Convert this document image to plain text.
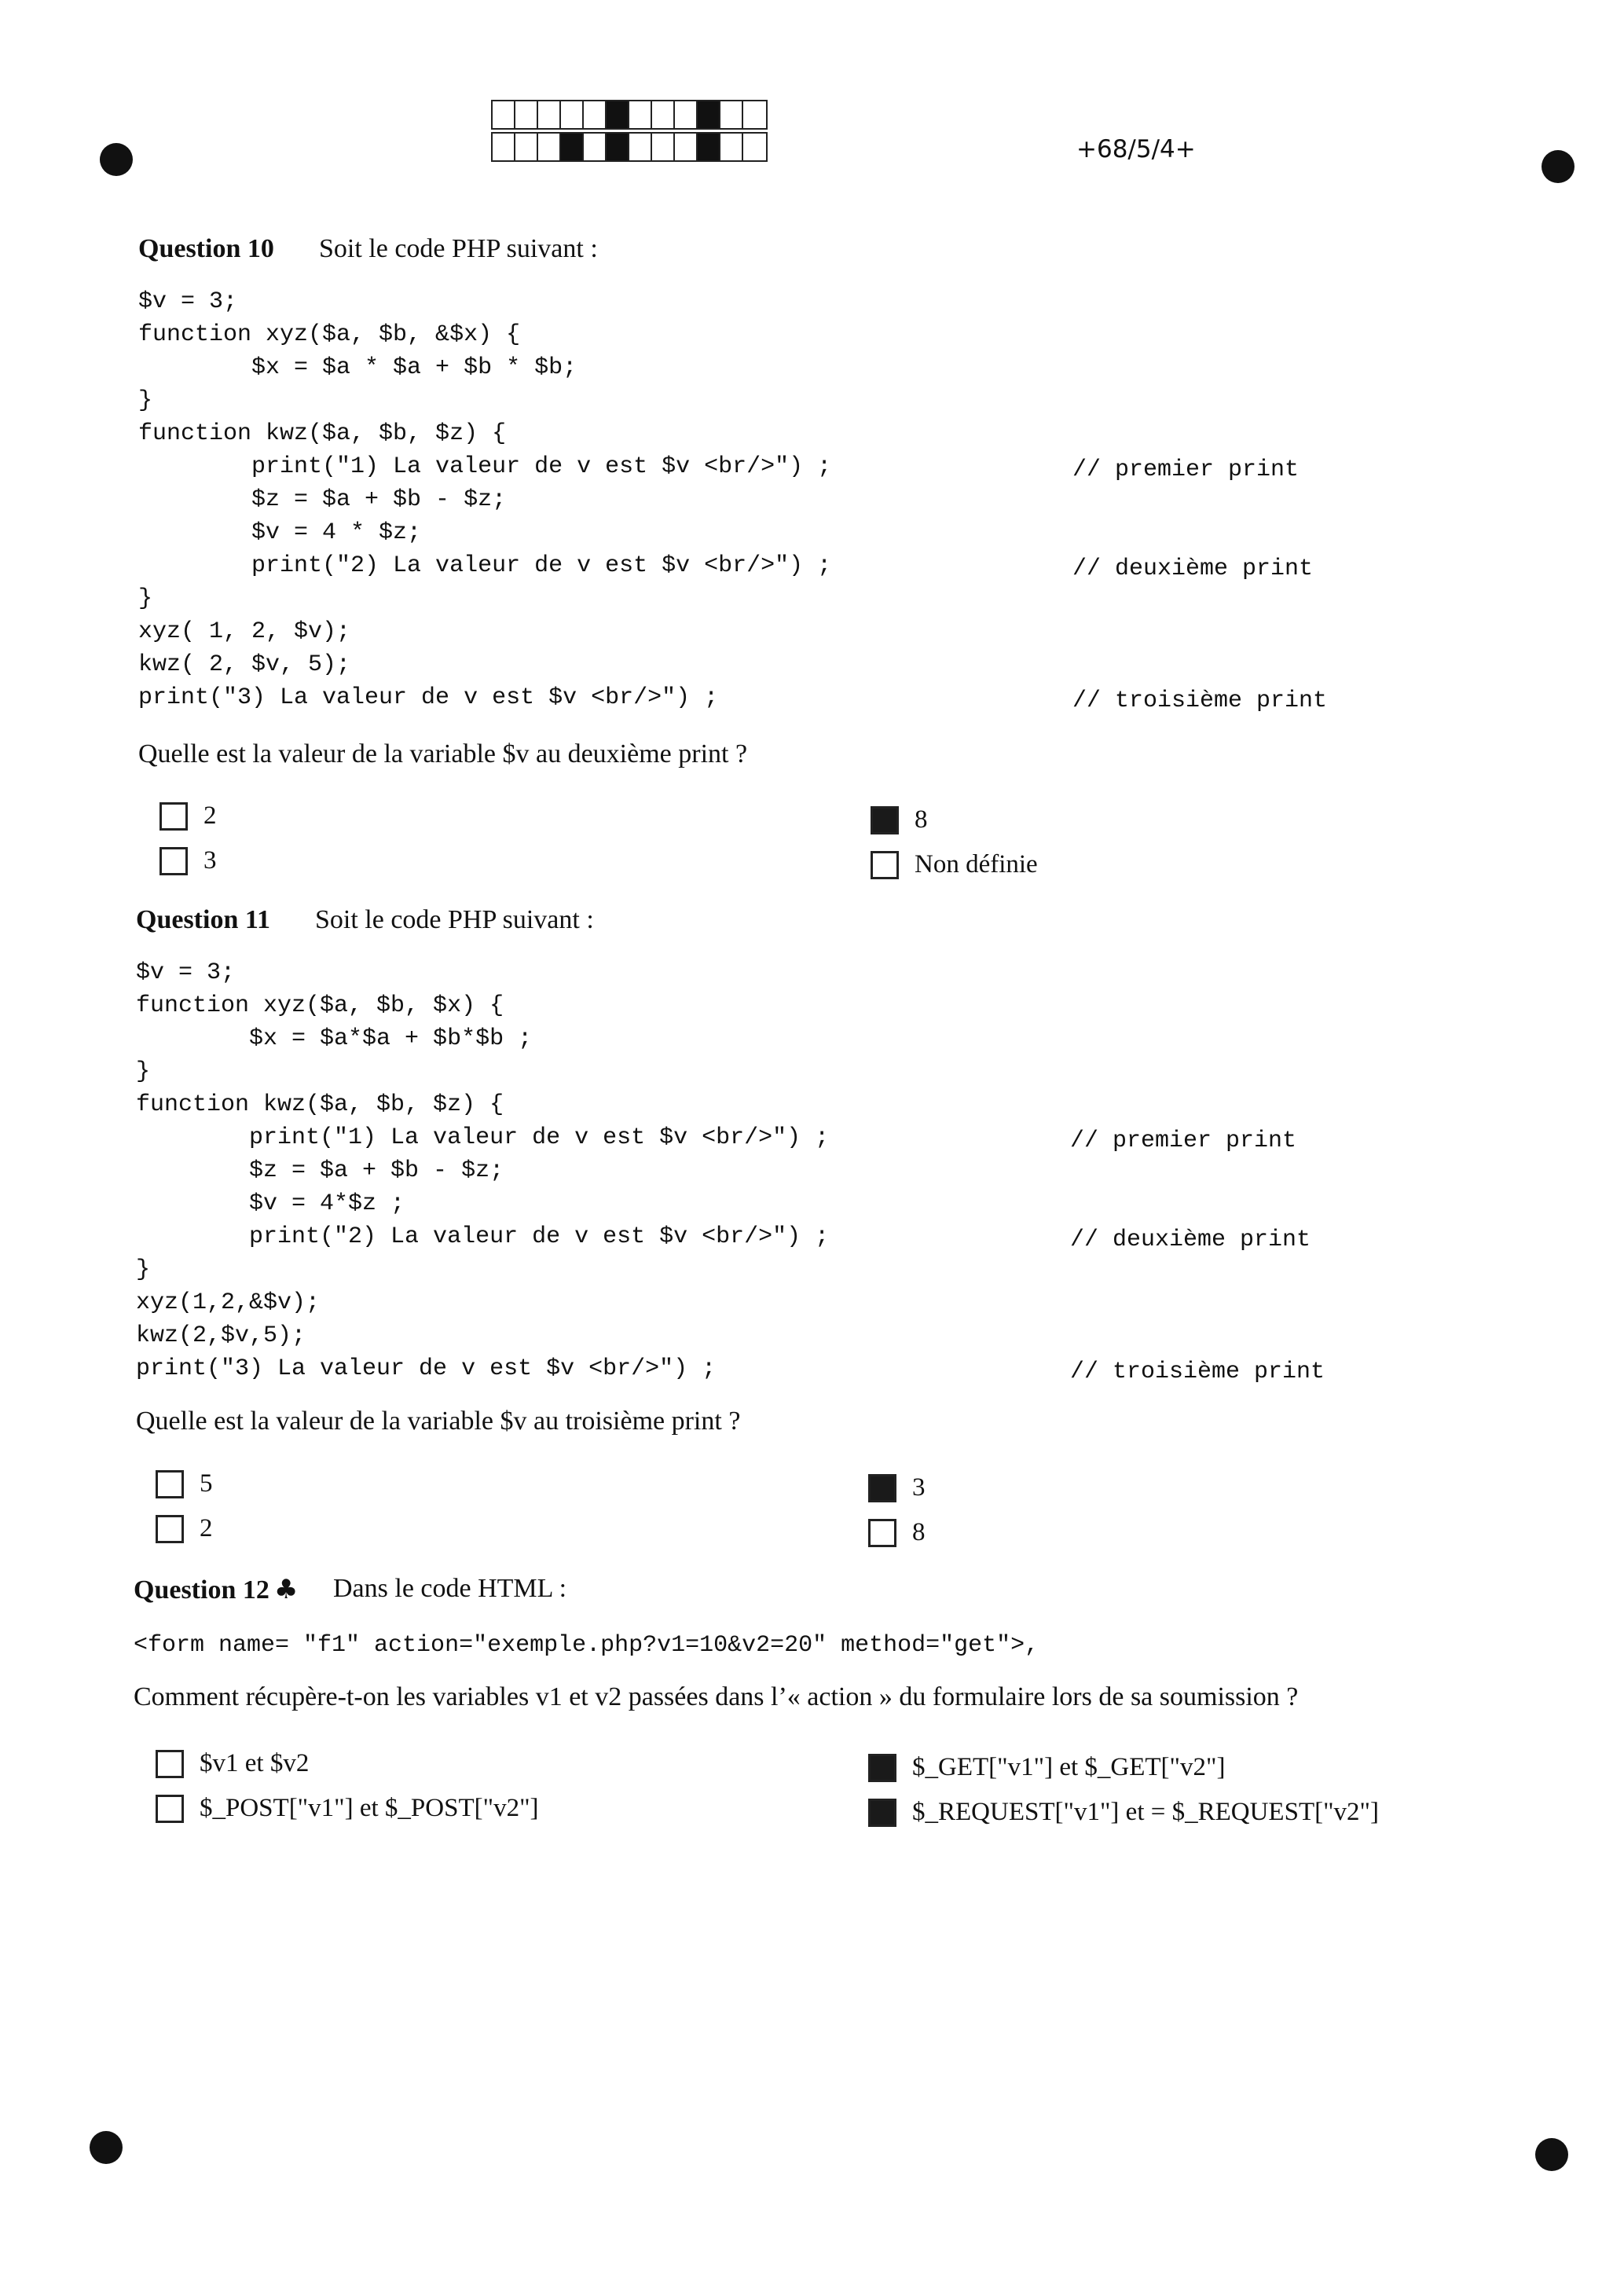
+68/5/4+
Question 10 Soit le code PHP suivant :
$v = 3;
function xyz($a, $b, &$x) {
$x = $a * $a + $b * $b;
}
function kwz($a, $b, $z) {
print("1) La valeur de v est $v <br/>") ;
$z = $a + $b - $z;
$v = 4 * $z;
print("2) La valeur de v est $v <br/>") ;
}
xyz( 1, 2, $v);
kwz( 2, $v, 5);
print("3) La valeur de v est $v <br/>") ;
// premier print
// deuxième print
// troisième print
Quelle est la valeur de la variable $v au deuxième print ?
2
3
8
Non définie
Question 11 Soit le code PHP suivant :
$v = 3;
function xyz($a, $b, $x) {
$x = $a*$a + $b*$b ;
}
function kwz($a, $b, $z) {
print("1) La valeur de v est $v <br/>") ;
$z = $a + $b - $z;
$v = 4*$z ;
print("2) La valeur de v est $v <br/>") ;
}
xyz(1,2,&$v);
kwz(2,$v,5);
print("3) La valeur de v est $v <br/>") ;
// premier print
// deuxième print
// troisième print
Quelle est la valeur de la variable $v au troisième print ?
5
2
3
8
Question 12 ♣ Dans le code HTML :
<form name= "f1" action="exemple.php?v1=10&v2=20" method="get">,
Comment récupère-t-on les variables v1 et v2 passées dans l’« action » du formulaire lors de sa soumission ?
$v1 et $v2
$_POST["v1"] et $_POST["v2"]
$_GET["v1"] et $_GET["v2"]
$_REQUEST["v1"] et = $_REQUEST["v2"]
